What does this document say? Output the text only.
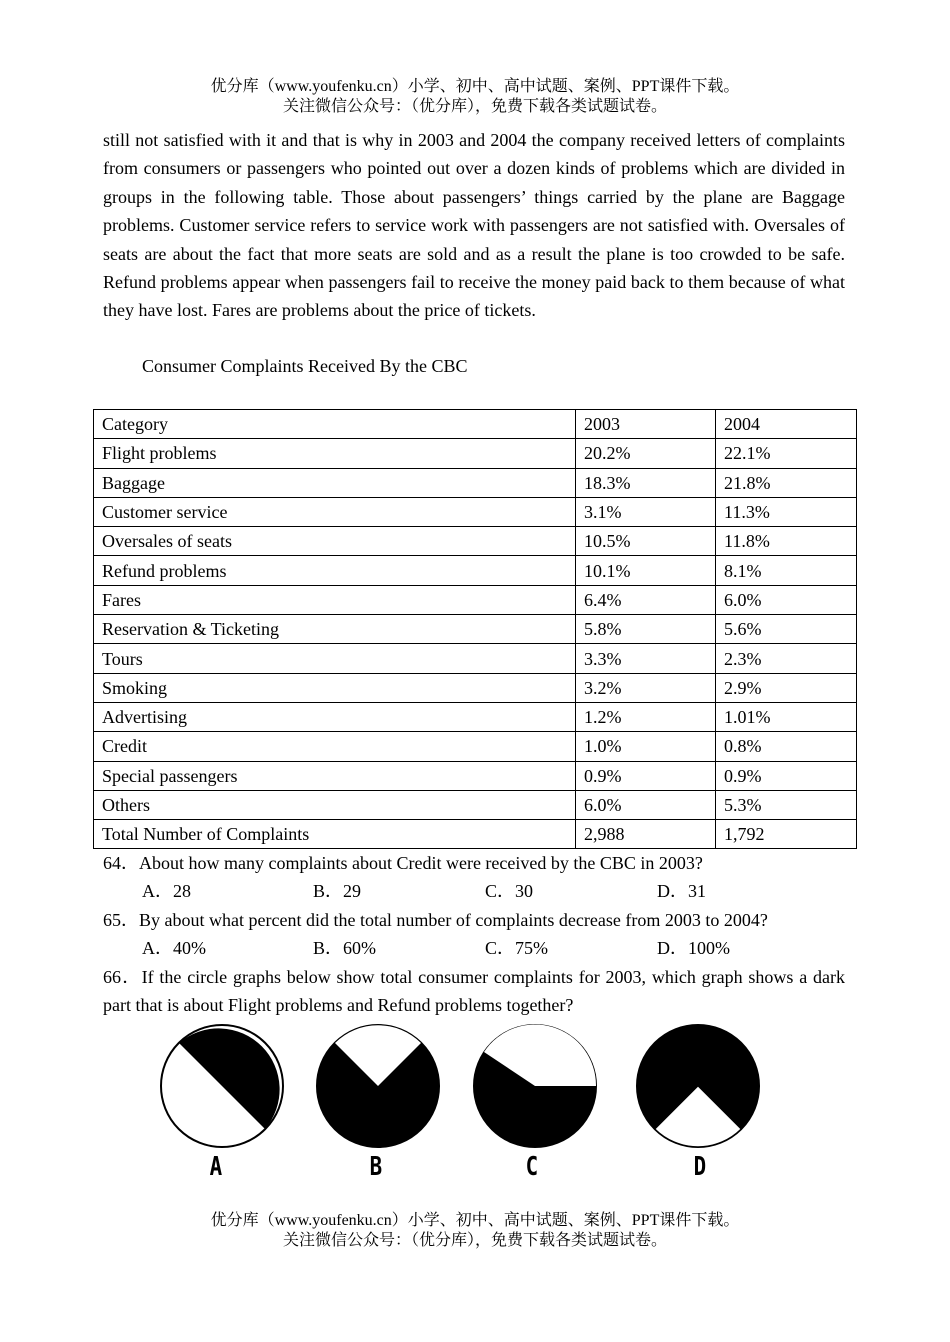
优分库（www.youfenku.cn）小学、初中、高中试题、案例、PPT课件下载。
关注微信公众号：（优分库），免费下载各类试题试卷。

still not satisfied with it and that is why in 2003 and 2004 the company received letters of complaints from consumers or passengers who pointed out over a dozen kinds of problems which are divided in groups in the following table. Those about passengers’ things carried by the plane are Baggage problems. Customer service refers to service work with passengers are not satisfied with. Oversales of seats are about the fact that more seats are sold and as a result the plane is too crowded to be safe. Refund problems appear when passengers fail to receive the money paid back to them because of what they have lost. Fares are problems about the price of tickets.

Consumer Complaints Received By the CBC
Category	2003	2004
Flight problems	20.2%	22.1%
Baggage	18.3%	21.8%
Customer service	3.1%	11.3%
Oversales of seats	10.5%	11.8%
Refund problems	10.1%	8.1%
Fares	6.4%	6.0%
Reservation & Ticketing	5.8%	5.6%
Tours	3.3%	2.3%
Smoking	3.2%	2.9%
Advertising	1.2%	1.01%
Credit	1.0%	0.8%
Special passengers	0.9%	0.9%
Others	6.0%	5.3%
Total Number of Complaints	2,988	1,792
64．About how many complaints about Credit were received by the CBC in 2003?
A．28	B．29	C．30	D．31
65．By about what percent did the total number of complaints decrease from 2003 to 2004?
A．40%	B．60%	C．75%	D．100%

66．If the circle graphs below show total consumer complaints for 2003, which graph shows a dark part that is about Flight problems and Refund problems together?

A	B	C	D
优分库（www.youfenku.cn）小学、初中、高中试题、案例、PPT课件下载。
关注微信公众号：（优分库），免费下载各类试题试卷。
